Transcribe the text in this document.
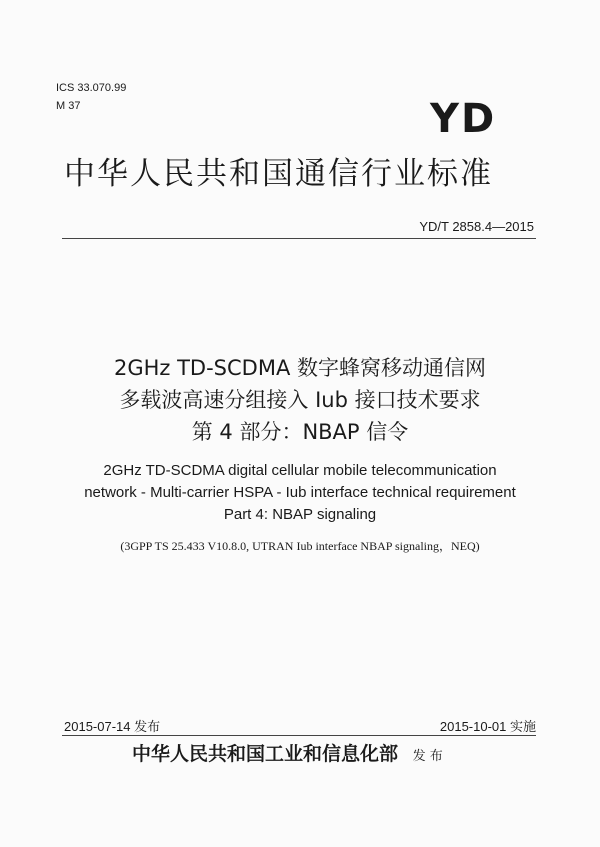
ICS 33.070.99
M 37	YD
中华人民共和国通信行业标准
YD/T 2858.4—2015
2GHz TD-SCDMA 数字蜂窝移动通信网
多载波高速分组接入 Iub 接口技术要求
第 4 部分：NBAP 信令
2GHz TD-SCDMA digital cellular mobile telecommunication
network - Multi-carrier HSPA - Iub interface technical requirement
Part 4: NBAP signaling
(3GPP TS 25.433 V10.8.0, UTRAN Iub interface NBAP signaling，NEQ)
2015-07-14 发布	2015-10-01 实施
中华人民共和国工业和信息化部 发 布
